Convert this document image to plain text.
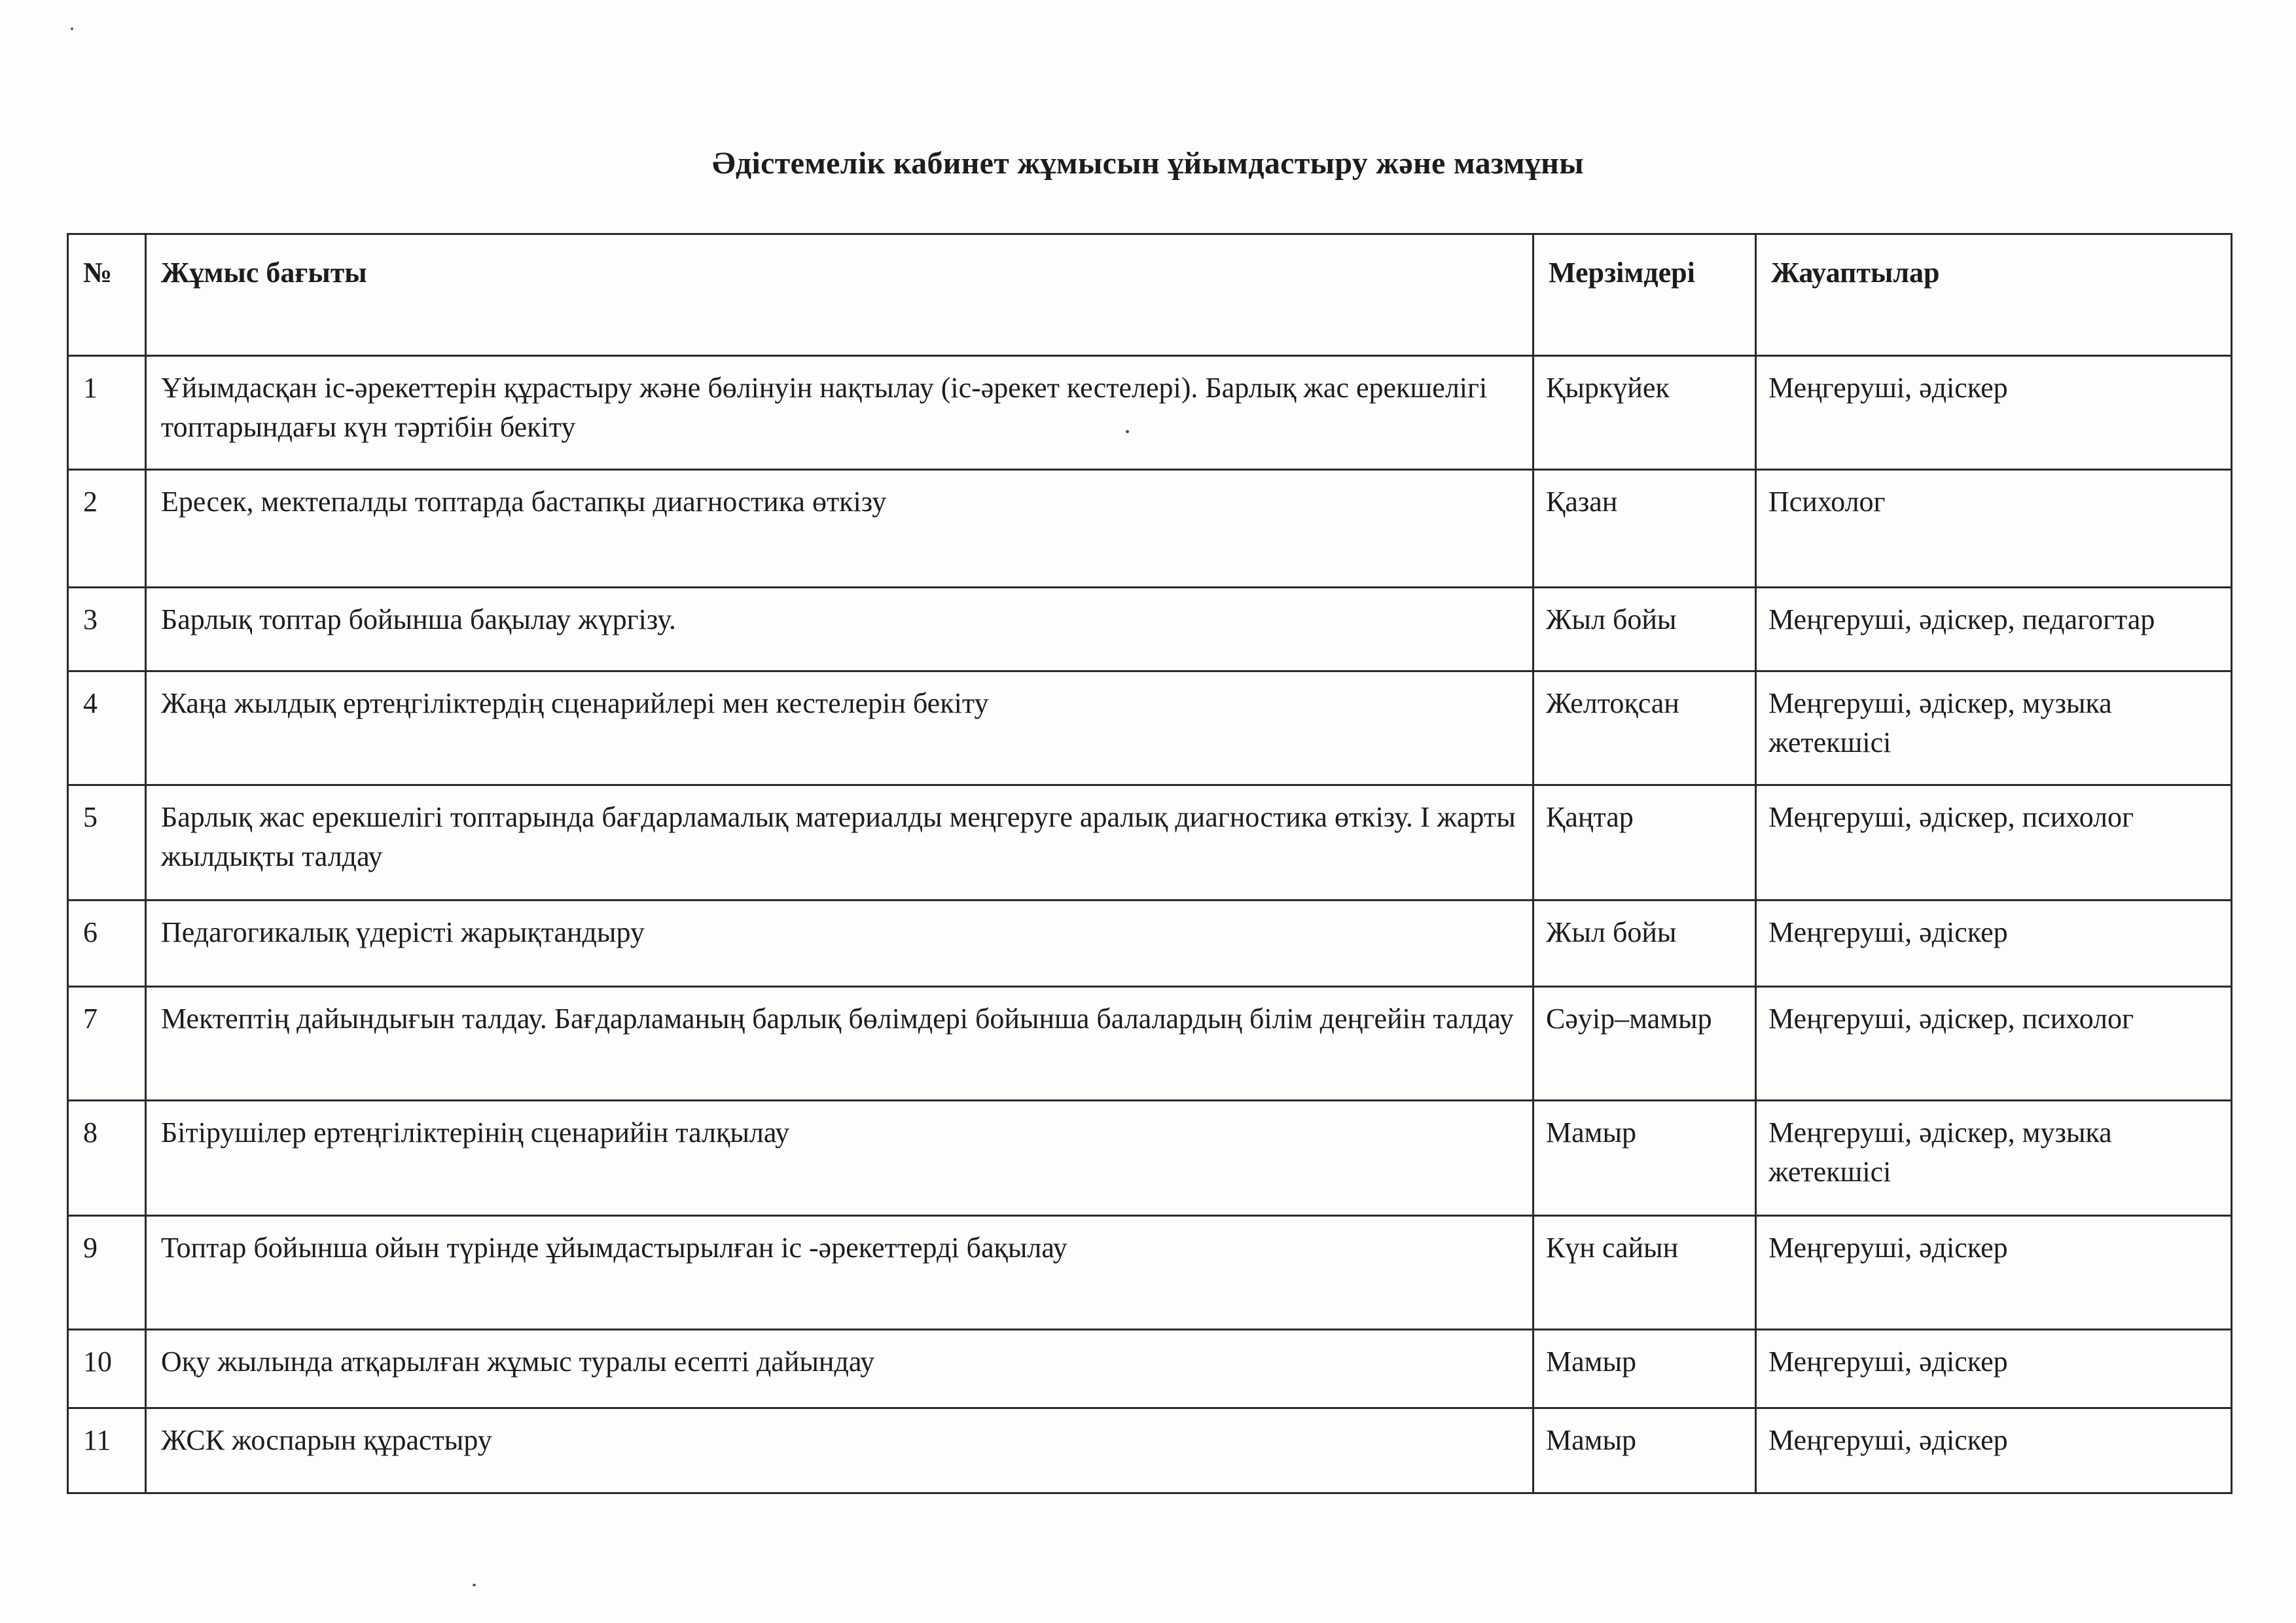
Әдістемелік кабинет жұмысын ұйымдастыру және мазмұны
№	Жұмыс бағыты	Мерзімдері	Жауаптылар
1	Ұйымдасқан іс-әрекеттерін құрастыру және бөлінуін нақтылау (іс-әрекет кестелері). Барлық жас ерекшелігі топтарындағы күн тәртібін бекіту	Қыркүйек	Меңгеруші, әдіскер
2	Ересек, мектепалды топтарда бастапқы диагностика өткізу	Қазан	Психолог
3	Барлық топтар бойынша бақылау жүргізу.	Жыл бойы	Меңгеруші, әдіскер, педагогтар
4	Жаңа жылдық ертеңгіліктердің сценарийлері мен кестелерін бекіту	Желтоқсан	Меңгеруші, әдіскер, музыка жетекшісі
5	Барлық жас ерекшелігі топтарында бағдарламалық материалды меңгеруге аралық диагностика өткізу. І жарты жылдықты талдау	Қаңтар	Меңгеруші, әдіскер, психолог
6	Педагогикалық үдерісті жарықтандыру	Жыл бойы	Меңгеруші, әдіскер
7	Мектептің дайындығын талдау. Бағдарламаның барлық бөлімдері бойынша балалардың білім деңгейін талдау	Сәуір–мамыр	Меңгеруші, әдіскер, психолог
8	Бітірушілер ертеңгіліктерінің сценарийін талқылау	Мамыр	Меңгеруші, әдіскер, музыка жетекшісі
9	Топтар бойынша ойын түрінде ұйымдастырылған іс -әрекеттерді бақылау	Күн сайын	Меңгеруші, әдіскер
10	Оқу жылында атқарылған жұмыс туралы есепті дайындау	Мамыр	Меңгеруші, әдіскер
11	ЖСК жоспарын құрастыру	Мамыр	Меңгеруші, әдіскер
